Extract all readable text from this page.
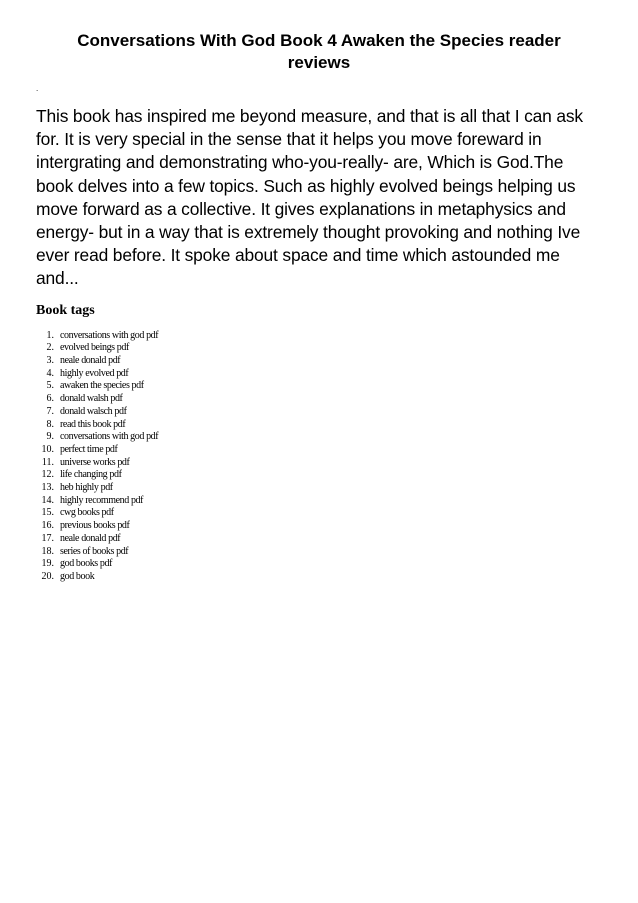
Conversations With God Book 4 Awaken the Species reader reviews
.
This book has inspired me beyond measure, and that is all that I can ask for. It is very special in the sense that it helps you move foreward in intergrating and demonstrating who-you-really- are, Which is God.The book delves into a few topics. Such as highly evolved beings helping us move forward as a collective. It gives explanations in metaphysics and energy- but in a way that is extremely thought provoking and nothing Ive ever read before. It spoke about space and time which astounded me and...
Book tags
1. conversations with god pdf
2. evolved beings pdf
3. neale donald pdf
4. highly evolved pdf
5. awaken the species pdf
6. donald walsh pdf
7. donald walsch pdf
8. read this book pdf
9. conversations with god pdf
10. perfect time pdf
11. universe works pdf
12. life changing pdf
13. heb highly pdf
14. highly recommend pdf
15. cwg books pdf
16. previous books pdf
17. neale donald pdf
18. series of books pdf
19. god books pdf
20. god book
